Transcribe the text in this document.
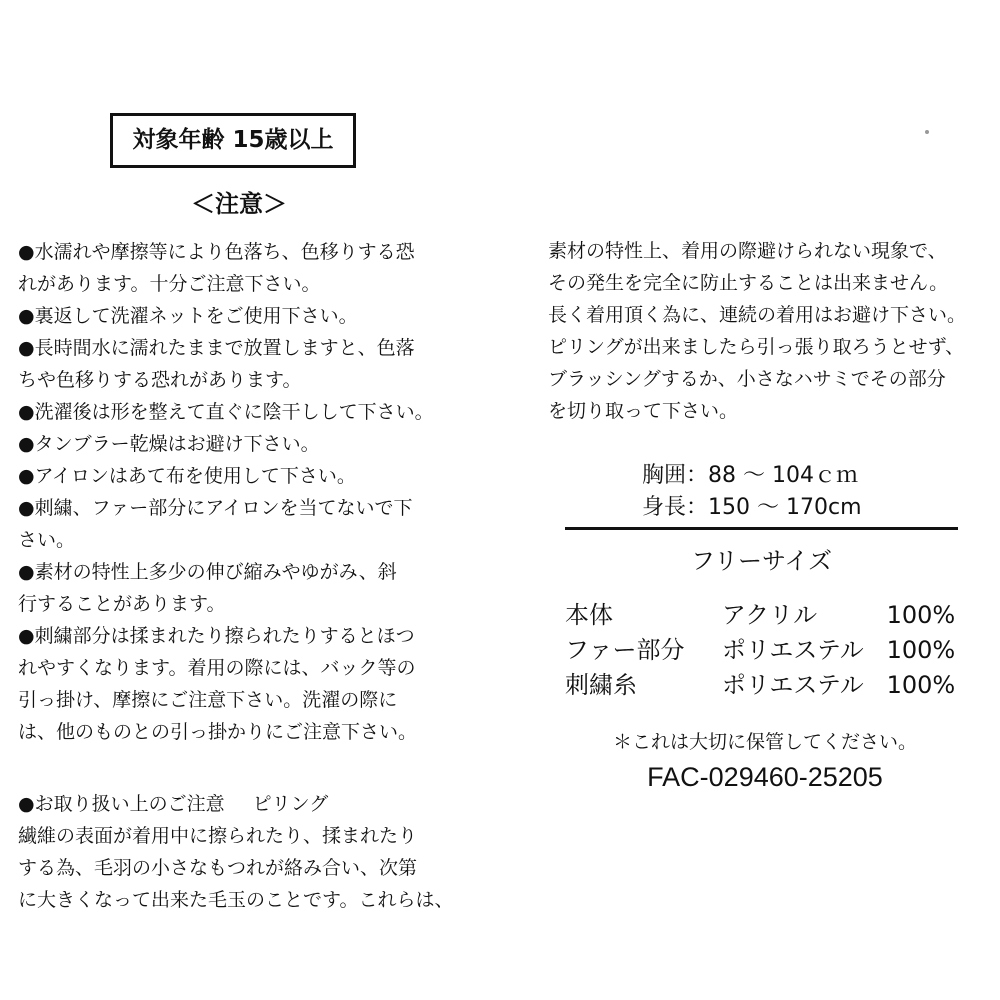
対象年齢 15歳以上
＜注意＞
● 水濡れや摩擦等により色落ち、色移りする恐
れがあります。十分ご注意下さい。
● 裏返して洗濯ネットをご使用下さい。
● 長時間水に濡れたままで放置しますと、色落
ちや色移りする恐れがあります。
● 洗濯後は形を整えて直ぐに陰干しして下さい。
● タンブラー乾燥はお避け下さい。
● アイロンはあて布を使用して下さい。
● 刺繍、ファー部分にアイロンを当てないで下
さい。
● 素材の特性上多少の伸び縮みやゆがみ、斜
行することがあります。
● 刺繍部分は揉まれたり擦られたりするとほつ
れやすくなります。着用の際には、バック等の
引っ掛け、摩擦にご注意下さい。洗濯の際に
は、他のものとの引っ掛かりにご注意下さい。
● お取り扱い上のご注意 ピリング
繊維の表面が着用中に擦られたり、揉まれたり
する為、毛羽の小さなもつれが絡み合い、次第
に大きくなって出来た毛玉のことです。これらは、
素材の特性上、着用の際避けられない現象で、
その発生を完全に防止することは出来ません。
長く着用頂く為に、連続の着用はお避け下さい。
ピリングが出来ましたら引っ張り取ろうとせず、
ブラッシングするか、小さなハサミでその部分
を切り取って下さい。
胸囲：88 ～ 104ｃｍ
身長：150 ～ 170cm
フリーサイズ
本体	アクリル	100%
ファー部分	ポリエステル 100%
刺繍糸	ポリエステル 100%
＊これは大切に保管してください。
FAC-029460-25205
